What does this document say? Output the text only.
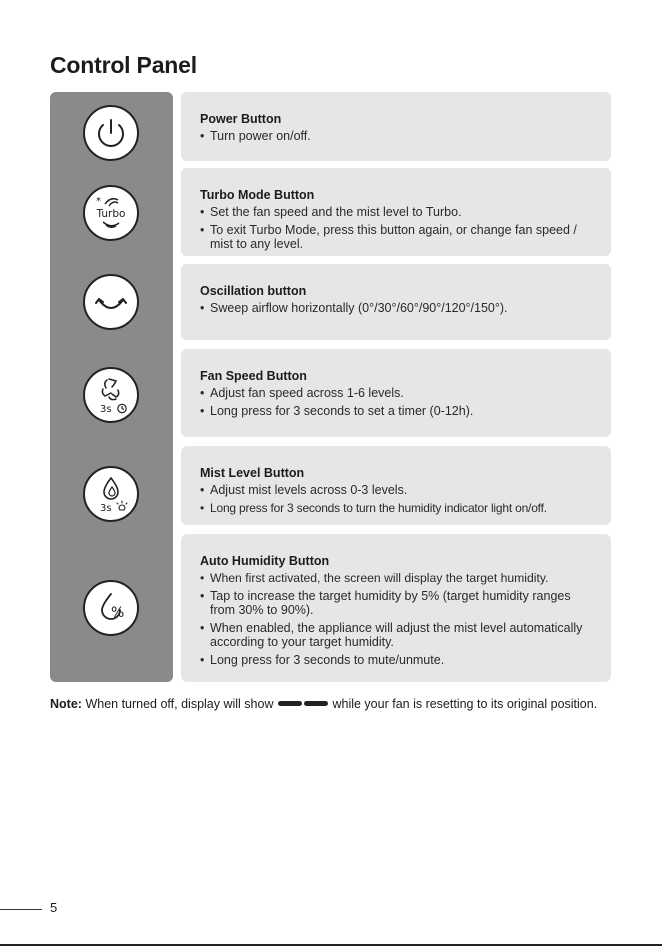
Control Panel
*
Turbo
3s
3s
%
Power Button
• Turn power on/off.
Turbo Mode Button
• Set the fan speed and the mist level to Turbo.
• To exit Turbo Mode, press this button again, or change fan speed / mist to any level.
Oscillation button
• Sweep airflow horizontally (0°/30°/60°/90°/120°/150°).
Fan Speed Button
• Adjust fan speed across 1-6 levels.
• Long press for 3 seconds to set a timer (0-12h).
Mist Level Button
• Adjust mist levels across 0-3 levels.
• Long press for 3 seconds to turn the humidity indicator light on/off.
Auto Humidity Button
• When first activated, the screen will display the target humidity.
• Tap to increase the target humidity by 5% (target humidity ranges from 30% to 90%).
• When enabled, the appliance will adjust the mist level automatically according to your target humidity.
• Long press for 3 seconds to mute/unmute.
Note: When turned off, display will show	while your fan is resetting to its original position.
5
